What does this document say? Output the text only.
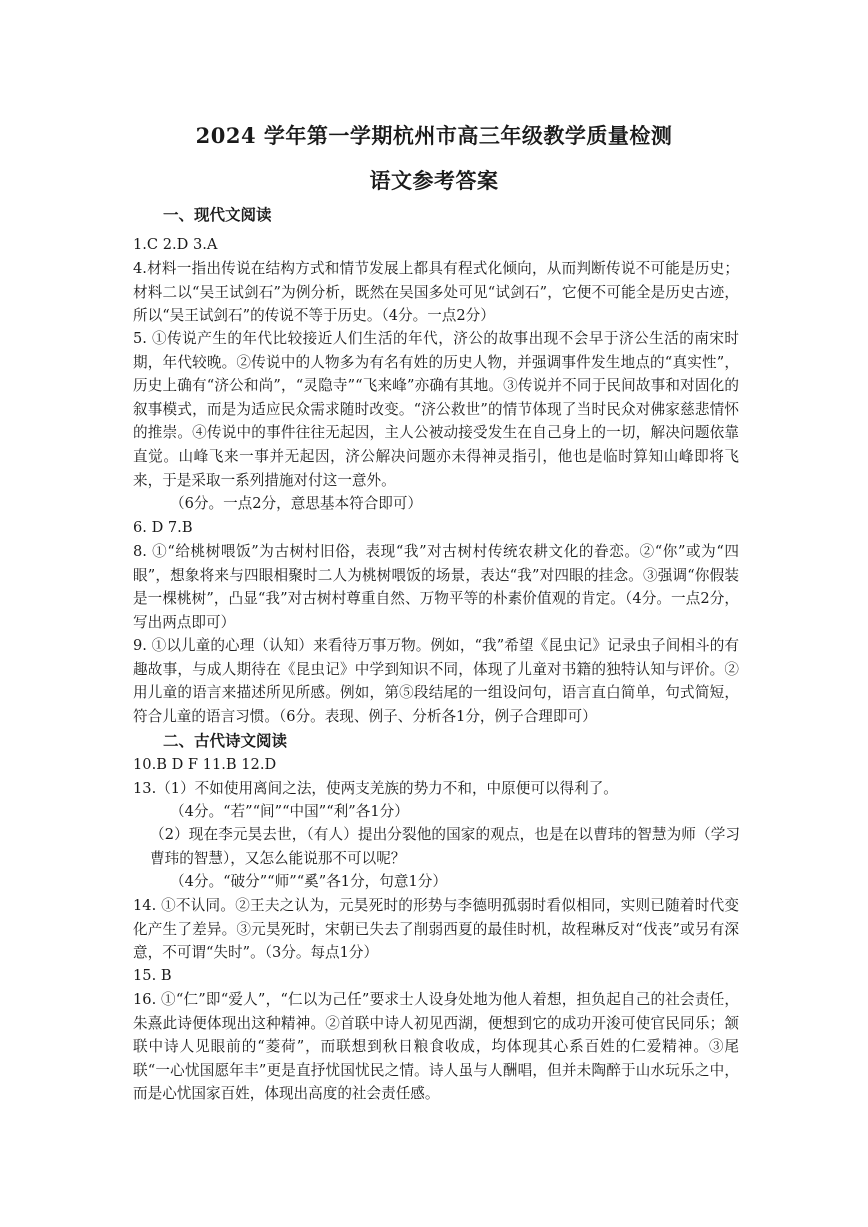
2024 学年第一学期杭州市高三年级教学质量检测
语文参考答案
一、现代文阅读
1.C 2.D 3.A
4.材料一指出传说在结构方式和情节发展上都具有程式化倾向，从而判断传说不可能是历史；材料二以“吴王试剑石”为例分析，既然在吴国多处可见“试剑石”，它便不可能全是历史古迹，所以“吴王试剑石”的传说不等于历史。（4分。一点2分）
5. ①传说产生的年代比较接近人们生活的年代，济公的故事出现不会早于济公生活的南宋时期，年代较晚。②传说中的人物多为有名有姓的历史人物，并强调事件发生地点的“真实性”，历史上确有“济公和尚”，“灵隐寺”“飞来峰”亦确有其地。③传说并不同于民间故事和对固化的叙事模式，而是为适应民众需求随时改变。“济公救世”的情节体现了当时民众对佛家慈悲情怀的推崇。④传说中的事件往往无起因，主人公被动接受发生在自己身上的一切，解决问题依靠直觉。山峰飞来一事并无起因，济公解决问题亦未得神灵指引，他也是临时算知山峰即将飞来，于是采取一系列措施对付这一意外。
（6分。一点2分，意思基本符合即可）
6. D 7.B
8. ①“给桃树喂饭”为古树村旧俗，表现“我”对古树村传统农耕文化的眷恋。②“你”或为“四眼”，想象将来与四眼相聚时二人为桃树喂饭的场景，表达“我”对四眼的挂念。③强调“你假装是一棵桃树”，凸显“我”对古树村尊重自然、万物平等的朴素价值观的肯定。（4分。一点2分，写出两点即可）
9. ①以儿童的心理（认知）来看待万事万物。例如，“我”希望《昆虫记》记录虫子间相斗的有趣故事，与成人期待在《昆虫记》中学到知识不同，体现了儿童对书籍的独特认知与评价。②用儿童的语言来描述所见所感。例如，第⑤段结尾的一组设问句，语言直白简单，句式简短，符合儿童的语言习惯。（6分。表现、例子、分析各1分，例子合理即可）
二、古代诗文阅读
10.B D F 11.B 12.D
13.（1）不如使用离间之法，使两支羌族的势力不和，中原便可以得利了。
（4分。“若”“间”“中国”“利”各1分）
（2）现在李元昊去世，（有人）提出分裂他的国家的观点，也是在以曹玮的智慧为师（学习曹玮的智慧），又怎么能说那不可以呢？
（4分。“破分”“师”“奚”各1分，句意1分）
14. ①不认同。②王夫之认为，元昊死时的形势与李德明孤弱时看似相同，实则已随着时代变化产生了差异。③元昊死时，宋朝已失去了削弱西夏的最佳时机，故程琳反对“伐丧”或另有深意，不可谓“失时”。（3分。每点1分）
15. B
16. ①“仁”即“爱人”，“仁以为己任”要求士人设身处地为他人着想，担负起自己的社会责任，朱熹此诗便体现出这种精神。②首联中诗人初见西湖，便想到它的成功开浚可使官民同乐；颔联中诗人见眼前的“菱荷”，而联想到秋日粮食收成，均体现其心系百姓的仁爱精神。③尾联“一心忧国愿年丰”更是直抒忧国忧民之情。诗人虽与人酬唱，但并未陶醉于山水玩乐之中，而是心忧国家百姓，体现出高度的社会责任感。
